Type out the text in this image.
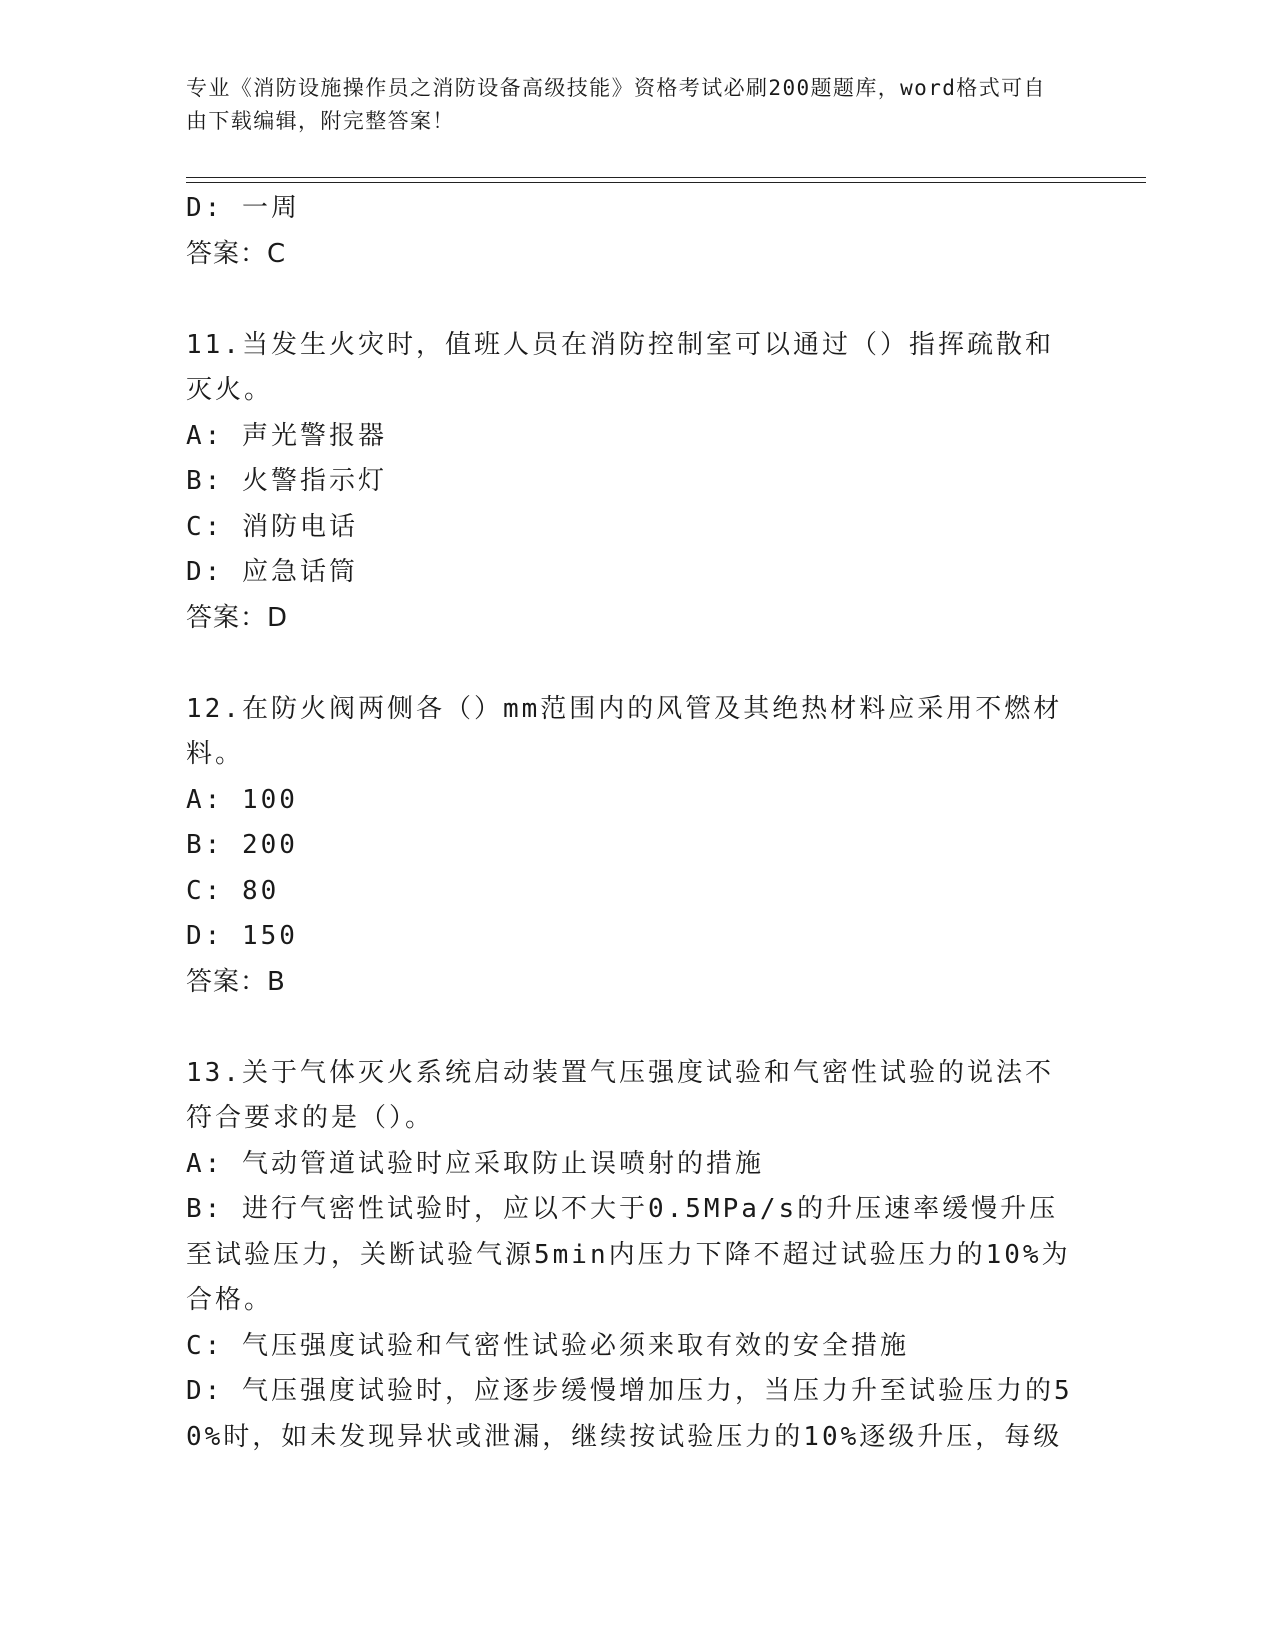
专业《消防设施操作员之消防设备高级技能》资格考试必刷200题题库，word格式可自由下载编辑，附完整答案！
D: 一周
答案：C
11.当发生火灾时，值班人员在消防控制室可以通过（）指挥疏散和灭火。
A: 声光警报器
B: 火警指示灯
C: 消防电话
D: 应急话筒
答案：D
12.在防火阀两侧各（）mm范围内的风管及其绝热材料应采用不燃材料。
A: 100
B: 200
C: 80
D: 150
答案：B
13.关于气体灭火系统启动装置气压强度试验和气密性试验的说法不符合要求的是（）。
A: 气动管道试验时应采取防止误喷射的措施
B: 进行气密性试验时，应以不大于0.5MPa/s的升压速率缓慢升压至试验压力，关断试验气源5min内压力下降不超过试验压力的10%为合格。
C: 气压强度试验和气密性试验必须来取有效的安全措施
D: 气压强度试验时，应逐步缓慢增加压力，当压力升至试验压力的50%时，如未发现异状或泄漏，继续按试验压力的10%逐级升压，每级
